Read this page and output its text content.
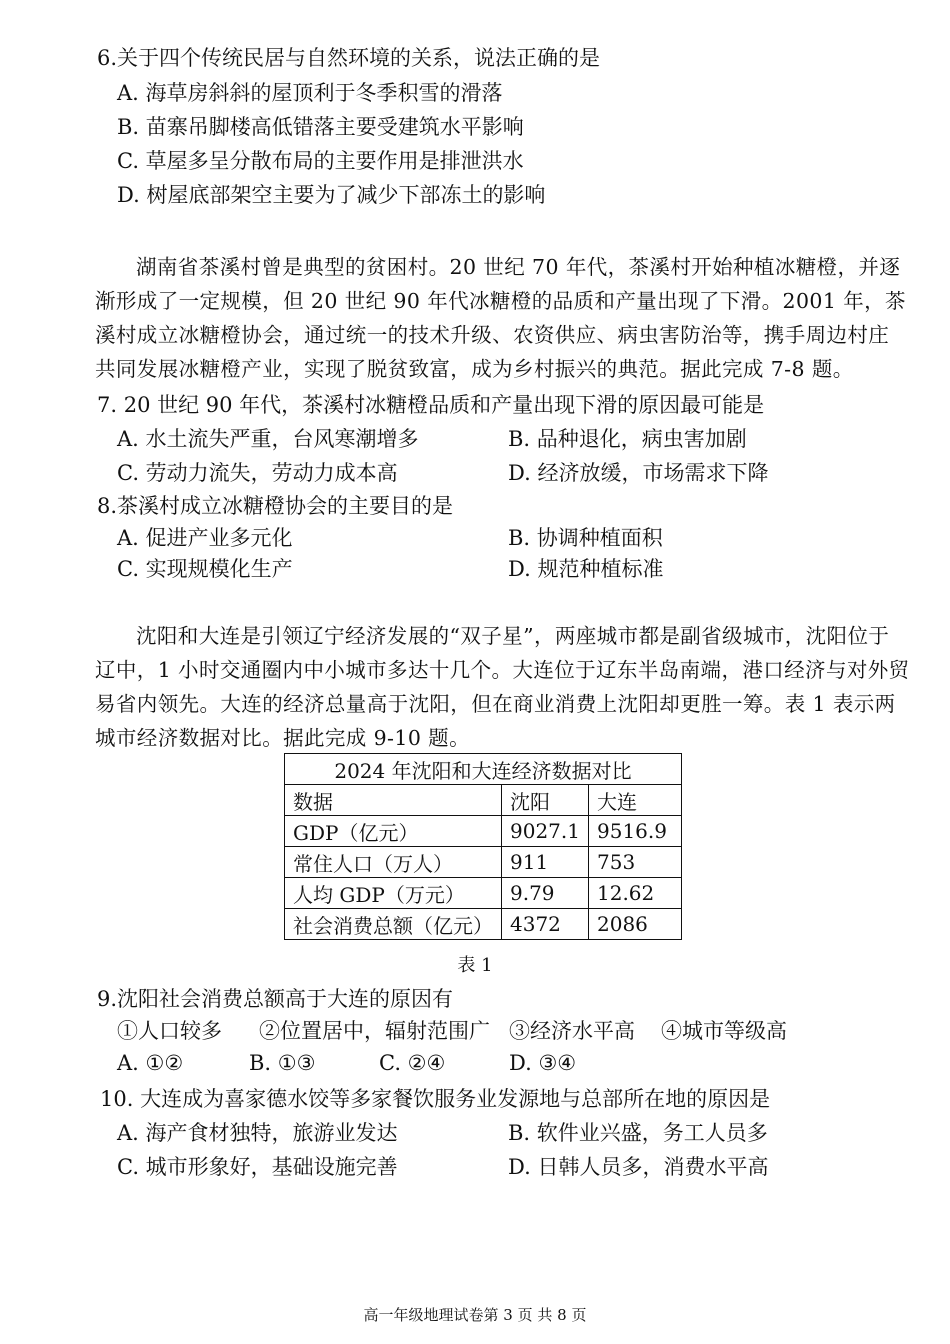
6.关于四个传统民居与自然环境的关系，说法正确的是
A. 海草房斜斜的屋顶利于冬季积雪的滑落
B. 苗寨吊脚楼高低错落主要受建筑水平影响
C. 草屋多呈分散布局的主要作用是排泄洪水
D. 树屋底部架空主要为了减少下部冻土的影响
湖南省茶溪村曾是典型的贫困村。20 世纪 70 年代，茶溪村开始种植冰糖橙，并逐
渐形成了一定规模，但 20 世纪 90 年代冰糖橙的品质和产量出现了下滑。2001 年，茶
溪村成立冰糖橙协会，通过统一的技术升级、农资供应、病虫害防治等，携手周边村庄
共同发展冰糖橙产业，实现了脱贫致富，成为乡村振兴的典范。据此完成 7-8 题。
7. 20 世纪 90 年代，茶溪村冰糖橙品质和产量出现下滑的原因最可能是
A. 水土流失严重，台风寒潮增多	B. 品种退化，病虫害加剧
C. 劳动力流失，劳动力成本高	D. 经济放缓，市场需求下降
8.茶溪村成立冰糖橙协会的主要目的是
A. 促进产业多元化	B. 协调种植面积
C. 实现规模化生产	D. 规范种植标准
沈阳和大连是引领辽宁经济发展的“双子星”，两座城市都是副省级城市，沈阳位于
辽中，1 小时交通圈内中小城市多达十几个。大连位于辽东半岛南端，港口经济与对外贸
易省内领先。大连的经济总量高于沈阳，但在商业消费上沈阳却更胜一筹。表 1 表示两
城市经济数据对比。据此完成 9-10 题。
2024 年沈阳和大连经济数据对比		
数据	沈阳	大连
GDP（亿元）	9027.1	9516.9
常住人口（万人）	911	753
人均 GDP（万元）	9.79	12.62
社会消费总额（亿元）	4372	2086
表 1
9.沈阳社会消费总额高于大连的原因有
①人口较多 ②位置居中，辐射范围广 ③经济水平高 ④城市等级高
A. ①②	B. ①③	C. ②④	D. ③④
10. 大连成为喜家德水饺等多家餐饮服务业发源地与总部所在地的原因是
A. 海产食材独特，旅游业发达	B. 软件业兴盛，务工人员多
C. 城市形象好，基础设施完善	D. 日韩人员多，消费水平高
高一年级地理试卷第 3 页 共 8 页
